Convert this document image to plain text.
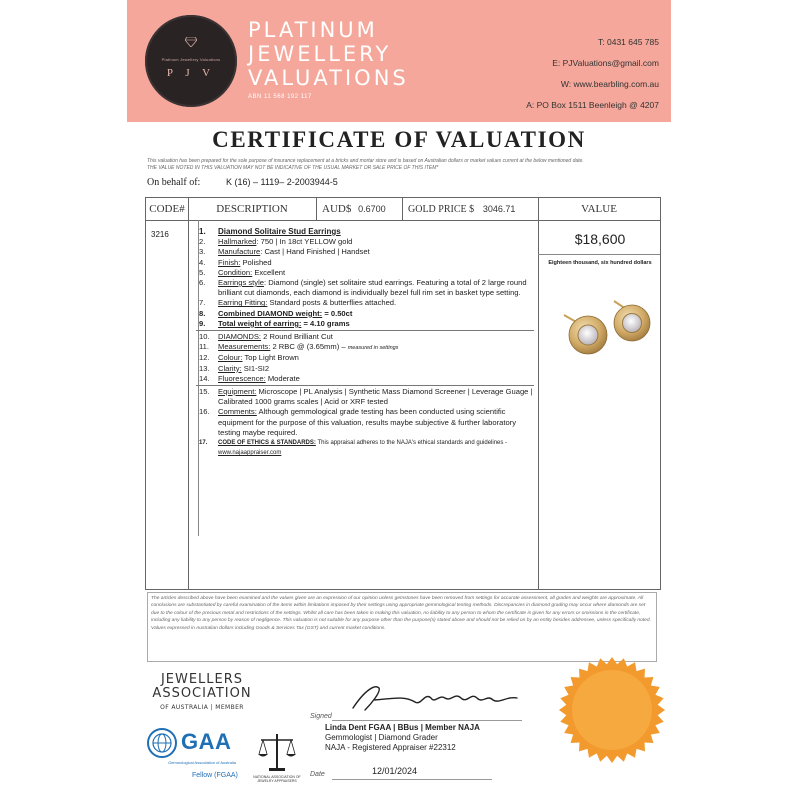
Platinum Jewellery Valuations
P J V
PLATINUM
JEWELLERY
VALUATIONS
ABN 11 568 192 117
T: 0431 645 785
E: PJValuations@gmail.com
W: www.bearbling.com.au
A: PO Box 1511 Beenleigh @ 4207
CERTIFICATE OF VALUATION
This valuation has been prepared for the sole purpose of insurance replacement at a bricks and mortar store and is based on Australian dollars or market values current at the below mentioned date.
THE VALUE NOTED IN THIS VALUATION MAY NOT BE INDICATIVE OF THE USUAL MARKET OR SALE PRICE OF THIS ITEM*
On behalf of:	K (16) – 1119– 2-2003944-5
CODE#	DESCRIPTION	AUD$ 0.6700	GOLD PRICE $ 3046.71	VALUE
3216	1. Diamond Solitaire Stud Earrings
2. Hallmarked: 750 | In 18ct YELLOW gold
3. Manufacture: Cast | Hand Finished | Handset
4. Finish: Polished
5. Condition: Excellent
6. Earrings style: Diamond (single) set solitaire stud earrings. Featuring a total of 2 large round brilliant cut diamonds, each diamond is individually bezel full rim set in basket type setting.
7. Earring Fitting: Standard posts & butterflies attached.
8. Combined DIAMOND weight: = 0.50ct
9. Total weight of earring: = 4.10 grams
10. DIAMONDS: 2 Round Brilliant Cut
11. Measurements: 2 RBC @ (3.65mm) – measured in settings
12. Colour: Top Light Brown
13. Clarity: SI1-SI2
14. Fluorescence: Moderate
15. Equipment: Microscope | PL Analysis | Synthetic Mass Diamond Screener | Leverage Guage | Calibrated 1000 grams scales | Acid or XRF tested
16. Comments: Although gemmological grade testing has been conducted using scientific equipment for the purpose of this valuation, results maybe subjective & further laboratory testing maybe required.
17. CODE OF ETHICS & STANDARDS: This appraisal adheres to the NAJA's ethical standards and guidelines -
www.najaappraiser.com
$18,600
Eighteen thousand, six hundred dollars
The articles described above have been examined and the values given are an expression of our opinion unless gemstones have been removed from settings for accurate assessment, all grades and weights are approximate. All conclusions are substantiated by careful examination of the items within limitations imposed by their settings using appropriate gemmological testing methods. Discrepancies in diamond grading may occur where diamonds are set due to the colour of the precious metal and restrictions of the settings. Whilst all care has been taken in making this valuation, no liability to any person to whom the certificate is given for any errors or omissions in the certificate, including any liability to any person by reason of negligence. This valuation is not suitable for any purpose other than the purpose(s) stated above and should not be relied on by an entity besides addressee, unless specifically noted. Values expressed in Australian dollars including Goods & Services Tax (GST) and current market conditions.
JEWELLERS
ASSOCIATION
OF AUSTRALIA | MEMBER
GAA
Gemmological Association of Australia
Fellow (FGAA)	NATIONAL ASSOCIATION OF JEWELRY APPRAISERS
Signed
Linda Dent FGAA | BBus | Member NAJA
Gemmologist | Diamond Grader
NAJA - Registered Appraiser #22312
Date	12/01/2024
